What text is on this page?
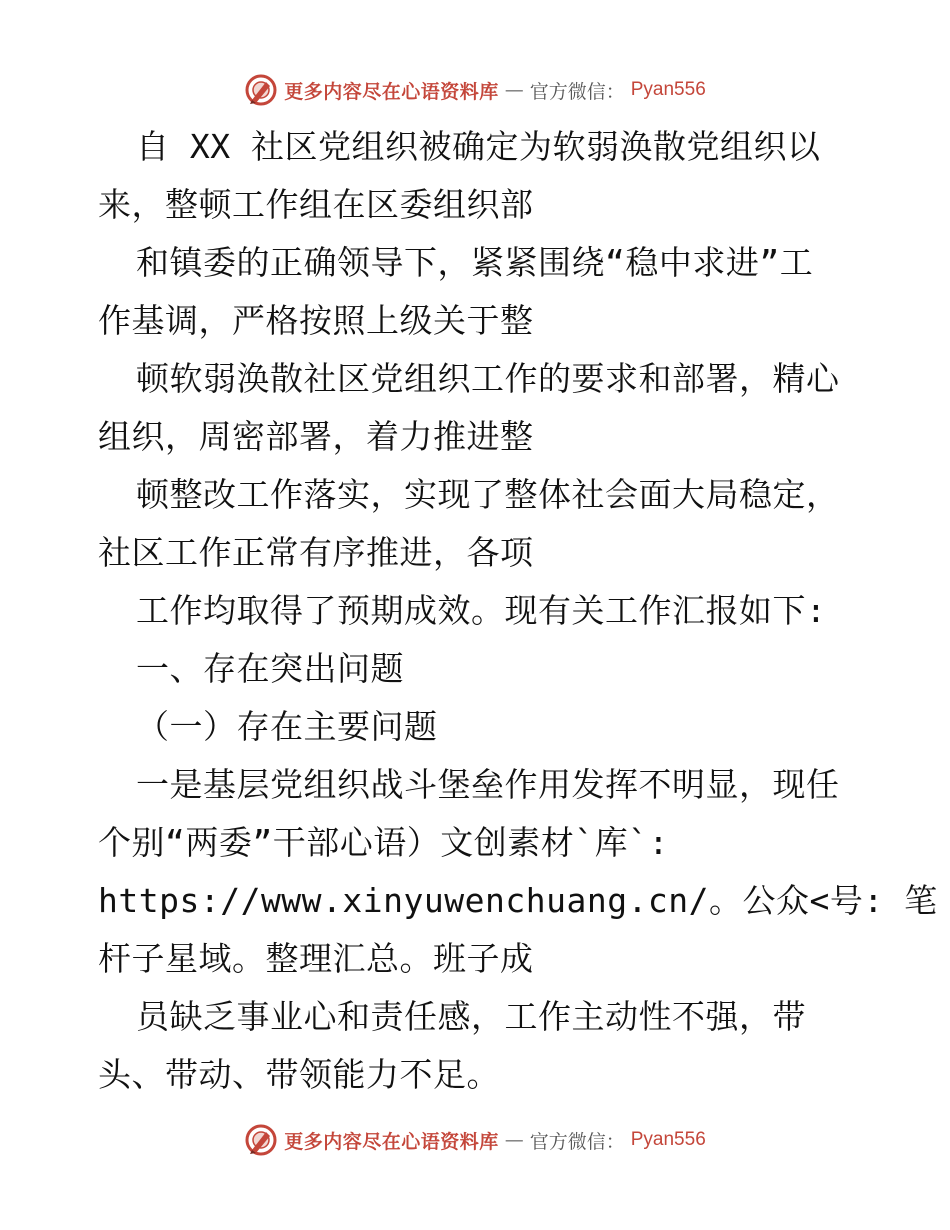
更多内容尽在心语资料库 — 官方微信： Pyan556
自 XX 社区党组织被确定为软弱涣散党组织以
来，整顿工作组在区委组织部
和镇委的正确领导下，紧紧围绕“稳中求进”工
作基调，严格按照上级关于整
顿软弱涣散社区党组织工作的要求和部署，精心
组织，周密部署，着力推进整
顿整改工作落实，实现了整体社会面大局稳定，
社区工作正常有序推进，各项
工作均取得了预期成效。现有关工作汇报如下:
一、存在突出问题
（一）存在主要问题
一是基层党组织战斗堡垒作用发挥不明显，现任
个别“两委”干部心语）文创素材`库`:
https://www.xinyuwenchuang.cn/。公众<号: 笔
杆子星域。整理汇总。班子成
员缺乏事业心和责任感，工作主动性不强，带
头、带动、带领能力不足。
更多内容尽在心语资料库 — 官方微信： Pyan556
